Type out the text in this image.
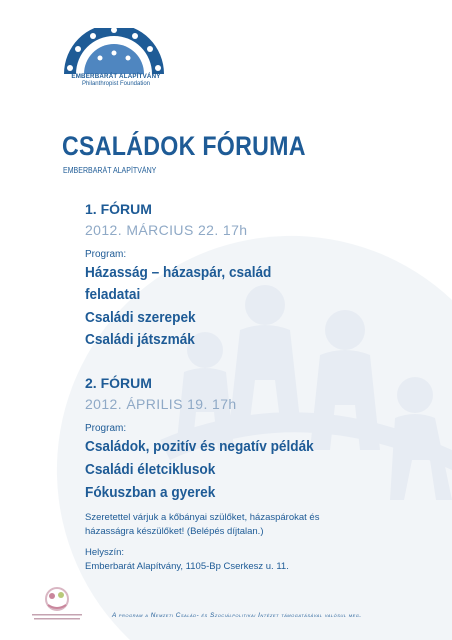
EMBERBARÁT ALAPÍTVÁNY
Philanthropist Foundation
CSALÁDOK FÓRUMA
EMBERBARÁT ALAPÍTVÁNY
1. FÓRUM
2012. MÁRCIUS 22. 17h
Program:
Házasság – házaspár, család
feladatai
Családi szerepek
Családi játszmák
2. FÓRUM
2012. ÁPRILIS 19. 17h
Program:
Családok, pozitív és negatív példák
Családi életciklusok
Fókuszban a gyerek
Szeretettel várjuk a kőbányai szülőket, házaspárokat és
házasságra készülőket! (Belépés díjtalan.)
Helyszín:
Emberbarát Alapítvány, 1105-Bp Cserkesz u. 11.
A program a Nemzeti Család- és Szociálpolitikai Intézet támogatásával valósul meg.
